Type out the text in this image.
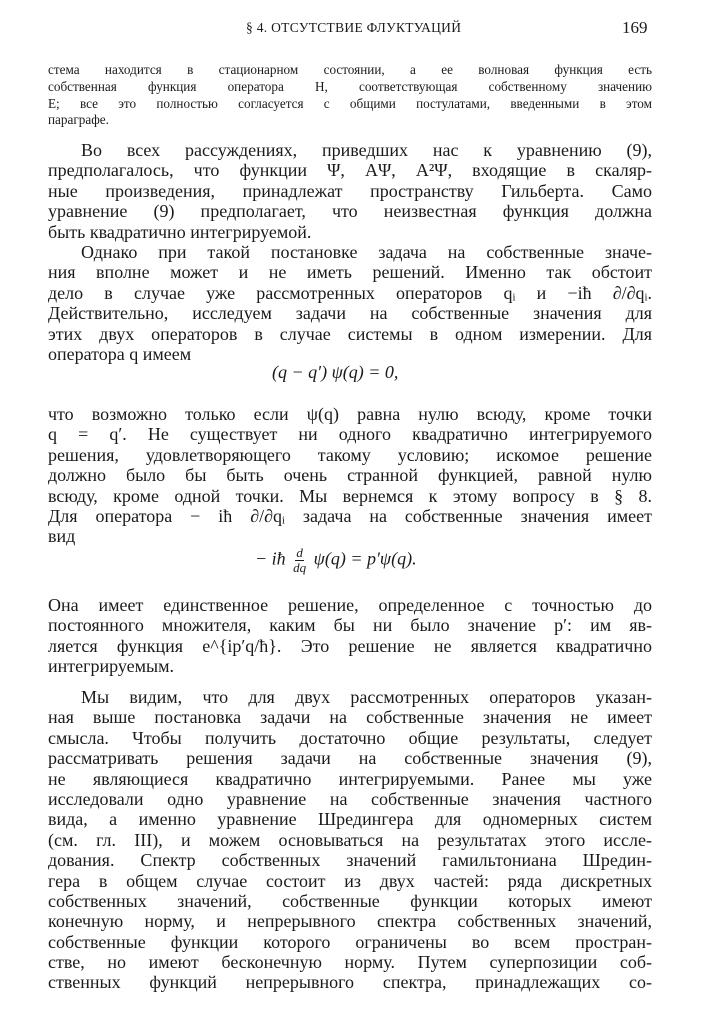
§ 4. ОТСУТСТВИЕ ФЛУКТУАЦИЙ	169
стема находится в стационарном состоянии, а ее волновая функция есть
собственная функция оператора H, соответствующая собственному значению
E; все это полностью согласуется с общими постулатами, введенными в этом
параграфе.
Во всех рассуждениях, приведших нас к уравнению (9),
предполагалось, что функции Ψ, AΨ, A²Ψ, входящие в скаляр-
ные произведения, принадлежат пространству Гильберта. Само
уравнение (9) предполагает, что неизвестная функция должна
быть квадратично интегрируемой.
Однако при такой постановке задача на собственные значе-
ния вполне может и не иметь решений. Именно так обстоит
дело в случае уже рассмотренных операторов qᵢ и −iħ ∂/∂qᵢ.
Действительно, исследуем задачи на собственные значения для
этих двух операторов в случае системы в одном измерении. Для
оператора q имеем
что возможно только если ψ(q) равна нулю всюду, кроме точки
q = q′. Не существует ни одного квадратично интегрируемого
решения, удовлетворяющего такому условию; искомое решение
должно было бы быть очень странной функцией, равной нулю
всюду, кроме одной точки. Мы вернемся к этому вопросу в § 8.
Для оператора − iħ ∂/∂qᵢ задача на собственные значения имеет
вид
Она имеет единственное решение, определенное с точностью до
постоянного множителя, каким бы ни было значение p′: им яв-
ляется функция e^{ip′q/ħ}. Это решение не является квадратично
интегрируемым.
Мы видим, что для двух рассмотренных операторов указан-
ная выше постановка задачи на собственные значения не имеет
смысла. Чтобы получить достаточно общие результаты, следует
рассматривать решения задачи на собственные значения (9),
не являющиеся квадратично интегрируемыми. Ранее мы уже
исследовали одно уравнение на собственные значения частного
вида, а именно уравнение Шредингера для одномерных систем
(см. гл. III), и можем основываться на результатах этого иссле-
дования. Спектр собственных значений гамильтониана Шредин-
гера в общем случае состоит из двух частей: ряда дискретных
собственных значений, собственные функции которых имеют
конечную норму, и непрерывного спектра собственных значений,
собственные функции которого ограничены во всем простран-
стве, но имеют бесконечную норму. Путем суперпозиции соб-
ственных функций непрерывного спектра, принадлежащих со-
(q − q′) ψ(q) = 0,
− iħ $\frac{d}{dq} \psi(q) = p'\psi(q)$.
